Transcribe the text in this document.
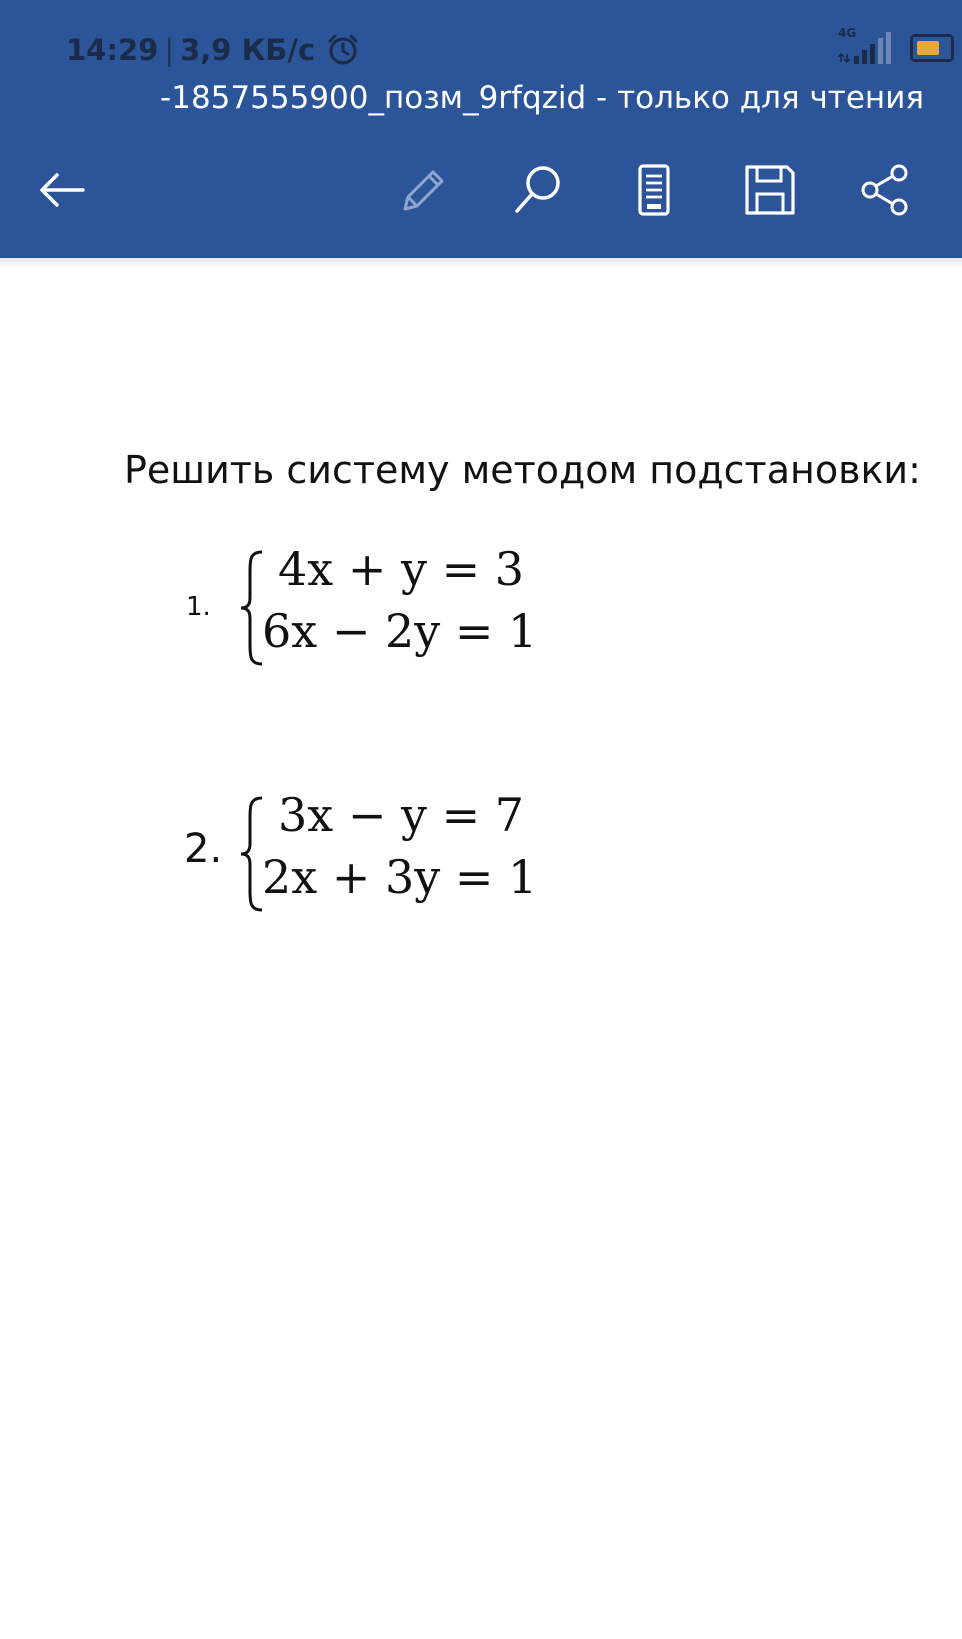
14:29 | 3,9 КБ/с	4G
-1857555900_позм_9rfqzid - только для чтения
Решить систему методом подстановки:
1.
4x + y = 3
6x − 2y = 1
2.
3x − y = 7
2x + 3y = 1
